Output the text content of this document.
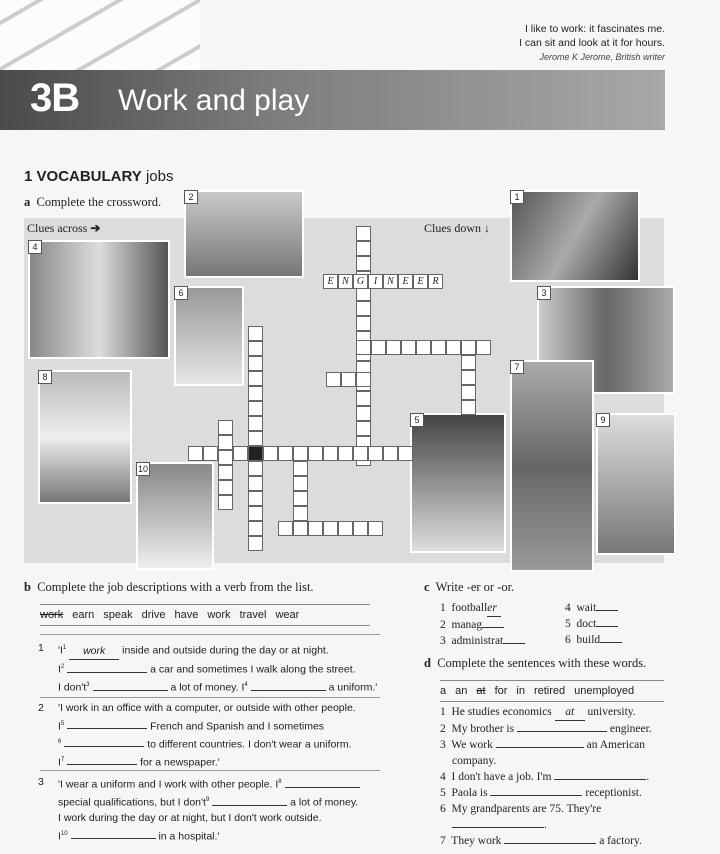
I like to work: it fascinates me.
I can sit and look at it for hours.
Jerome K Jerome, British writer
3B Work and play
1 VOCABULARY jobs
a Complete the crossword.
Clues across ➔	Clues down ↓
2	1
4
6	3
8
7
5	9
10
E N G I N E E R
b Complete the job descriptions with a verb from the list.
work earn speak drive have work travel wear
1	'$I^1$ work inside and outside during the day or at night.
$I^2$	a car and sometimes I walk along the street.
I $don't^3$	a lot of money. $I^4$	a uniform.'
2	'I work in an office with a computer, or outside with other people.
$I^5$	French and Spanish and I sometimes
$^6$	to different countries. I don't wear a uniform.
$I^7$	for a newspaper.'
3	'I wear a uniform and I work with other people. $I^8$
special qualifications, but I $don't^9$	a lot of money.
I work during the day or at night, but I don't work outside.
$I^{10}$	in a hospital.'
c Write -er or -or.
1 footballer
2 manag
3 administrat
4 wait
5 doct
6 build
d Complete the sentences with these words.
a an at for in retired unemployed
1 He studies economics at university.
2 My brother is	engineer.
3 We work	an American
company.
4 I don't have a job. I'm	.
5 Paola is	receptionist.
6 My grandparents are 75. They're
.
7 They work	a factory.
